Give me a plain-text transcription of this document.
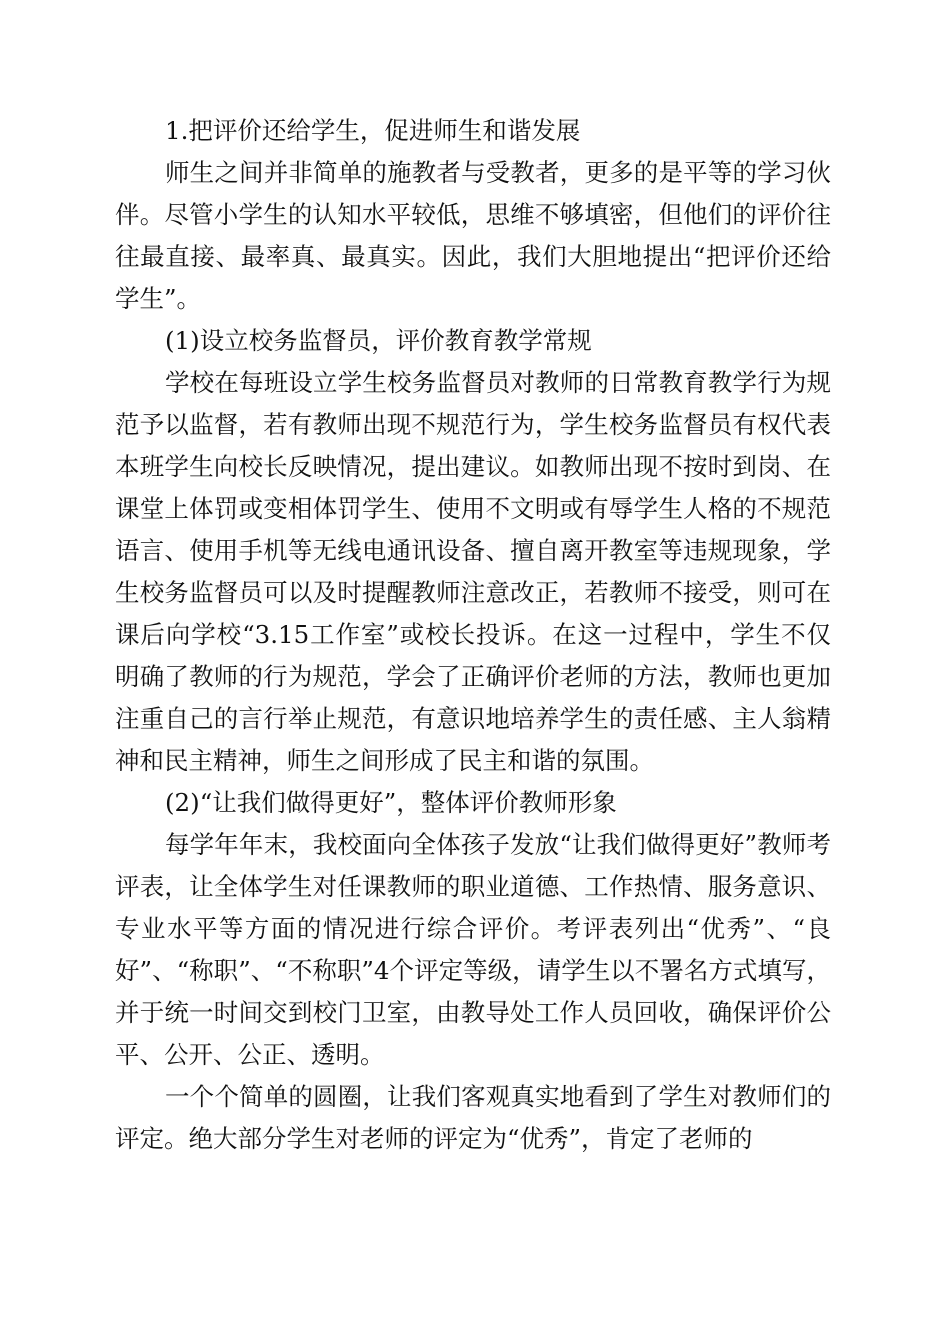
1.把评价还给学生，促进师生和谐发展

师生之间并非简单的施教者与受教者，更多的是平等的学习伙伴。尽管小学生的认知水平较低，思维不够填密，但他们的评价往往最直接、最率真、最真实。因此，我们大胆地提出“把评价还给学生”。

(1)设立校务监督员，评价教育教学常规

学校在每班设立学生校务监督员对教师的日常教育教学行为规范予以监督，若有教师出现不规范行为，学生校务监督员有权代表本班学生向校长反映情况，提出建议。如教师出现不按时到岗、在课堂上体罚或变相体罚学生、使用不文明或有辱学生人格的不规范语言、使用手机等无线电通讯设备、擅自离开教室等违规现象，学生校务监督员可以及时提醒教师注意改正，若教师不接受，则可在课后向学校“3.15工作室”或校长投诉。在这一过程中，学生不仅明确了教师的行为规范，学会了正确评价老师的方法，教师也更加注重自己的言行举止规范，有意识地培养学生的责任感、主人翁精神和民主精神，师生之间形成了民主和谐的氛围。

(2)“让我们做得更好”，整体评价教师形象

每学年年末，我校面向全体孩子发放“让我们做得更好”教师考评表，让全体学生对任课教师的职业道德、工作热情、服务意识、专业水平等方面的情况进行综合评价。考评表列出“优秀”、“良好”、“称职”、“不称职”4个评定等级，请学生以不署名方式填写，并于统一时间交到校门卫室，由教导处工作人员回收，确保评价公平、公开、公正、透明。

一个个简单的圆圈，让我们客观真实地看到了学生对教师们的评定。绝大部分学生对老师的评定为“优秀”，肯定了老师的
